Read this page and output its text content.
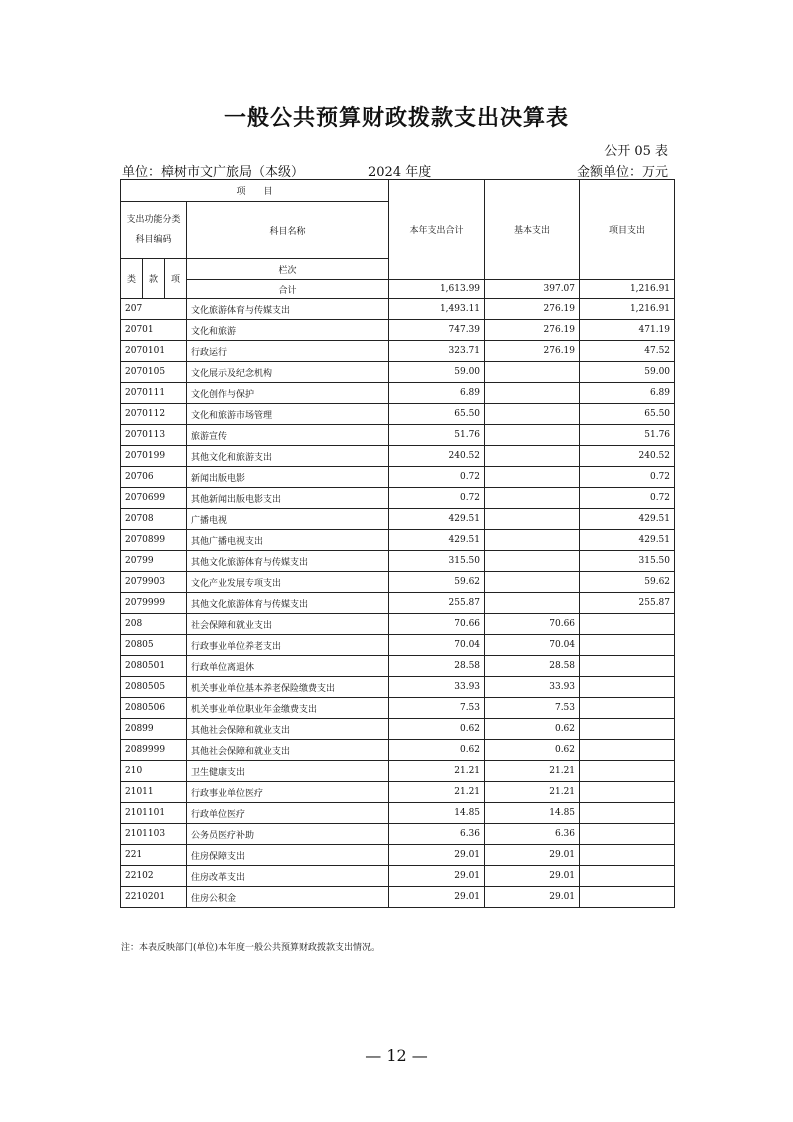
一般公共预算财政拨款支出决算表
公开 05 表
单位：樟树市文广旅局（本级）	2024 年度	金额单位：万元
项　　目				本年支出合计	基本支出	项目支出	
支出功能分类科目编码			科目名称				
类	款	项	栏次			
			合计	1,613.99	397.07	1,216.91	
207			文化旅游体育与传媒支出	1,493.11	276.19	1,216.91	
20701			文化和旅游	747.39	276.19	471.19	
2070101			行政运行	323.71	276.19	47.52	
2070105			文化展示及纪念机构	59.00		59.00	
2070111			文化创作与保护	6.89		6.89	
2070112			文化和旅游市场管理	65.50		65.50	
2070113			旅游宣传	51.76		51.76	
2070199			其他文化和旅游支出	240.52		240.52	
20706			新闻出版电影	0.72		0.72	
2070699			其他新闻出版电影支出	0.72		0.72	
20708			广播电视	429.51		429.51	
2070899			其他广播电视支出	429.51		429.51	
20799			其他文化旅游体育与传媒支出	315.50		315.50	
2079903			文化产业发展专项支出	59.62		59.62	
2079999			其他文化旅游体育与传媒支出	255.87		255.87	
208			社会保障和就业支出	70.66	70.66		
20805			行政事业单位养老支出	70.04	70.04		
2080501			行政单位离退休	28.58	28.58		
2080505			机关事业单位基本养老保险缴费支出	33.93	33.93		
2080506			机关事业单位职业年金缴费支出	7.53	7.53		
20899			其他社会保障和就业支出	0.62	0.62		
2089999			其他社会保障和就业支出	0.62	0.62		
210			卫生健康支出	21.21	21.21		
21011			行政事业单位医疗	21.21	21.21		
2101101			行政单位医疗	14.85	14.85		
2101103			公务员医疗补助	6.36	6.36		
221			住房保障支出	29.01	29.01		
22102			住房改革支出	29.01	29.01		
2210201			住房公积金	29.01	29.01		
注：本表反映部门(单位)本年度一般公共预算财政拨款支出情况。
— 12 —
